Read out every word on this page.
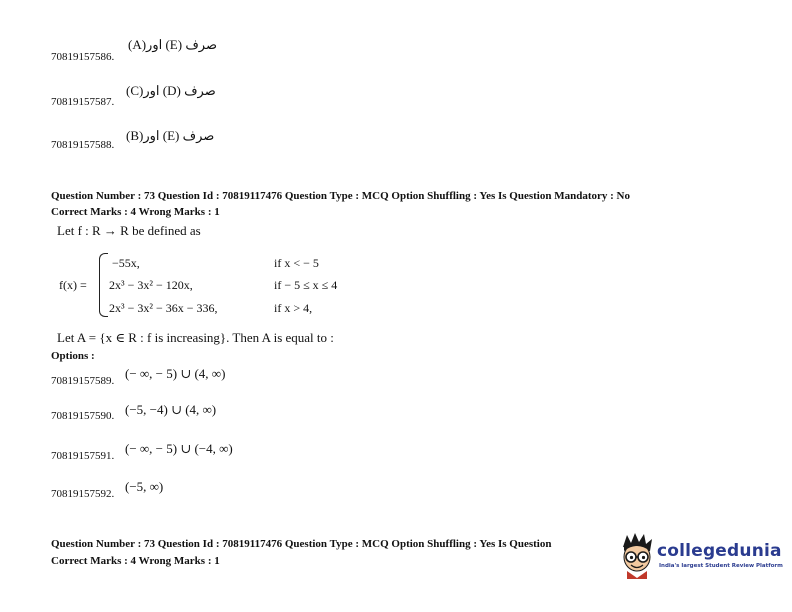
(A)اور (E) صرف
70819157586.
(C)اور (D) صرف
70819157587.
(B)اور (E) صرف
70819157588.
Question Number : 73 Question Id : 70819117476 Question Type : MCQ Option Shuffling : Yes Is Question Mandatory : No
Correct Marks : 4 Wrong Marks : 1
Let f : R → R be defined as
f(x) =
−55x,	if x < − 5
2x³ − 3x² − 120x,	if − 5 ≤ x ≤ 4
2x³ − 3x² − 36x − 336,	if x > 4,
Let A = {x ∈ R : f is increasing}. Then A is equal to :
Options :
70819157589. (− ∞, − 5) ∪ (4, ∞)
70819157590. (−5, −4) ∪ (4, ∞)
70819157591. (− ∞, − 5) ∪ (−4, ∞)
70819157592. (−5, ∞)
Question Number : 73 Question Id : 70819117476 Question Type : MCQ Option Shuffling : Yes Is Question
Correct Marks : 4 Wrong Marks : 1	collegedunia
India's largest Student Review Platform
